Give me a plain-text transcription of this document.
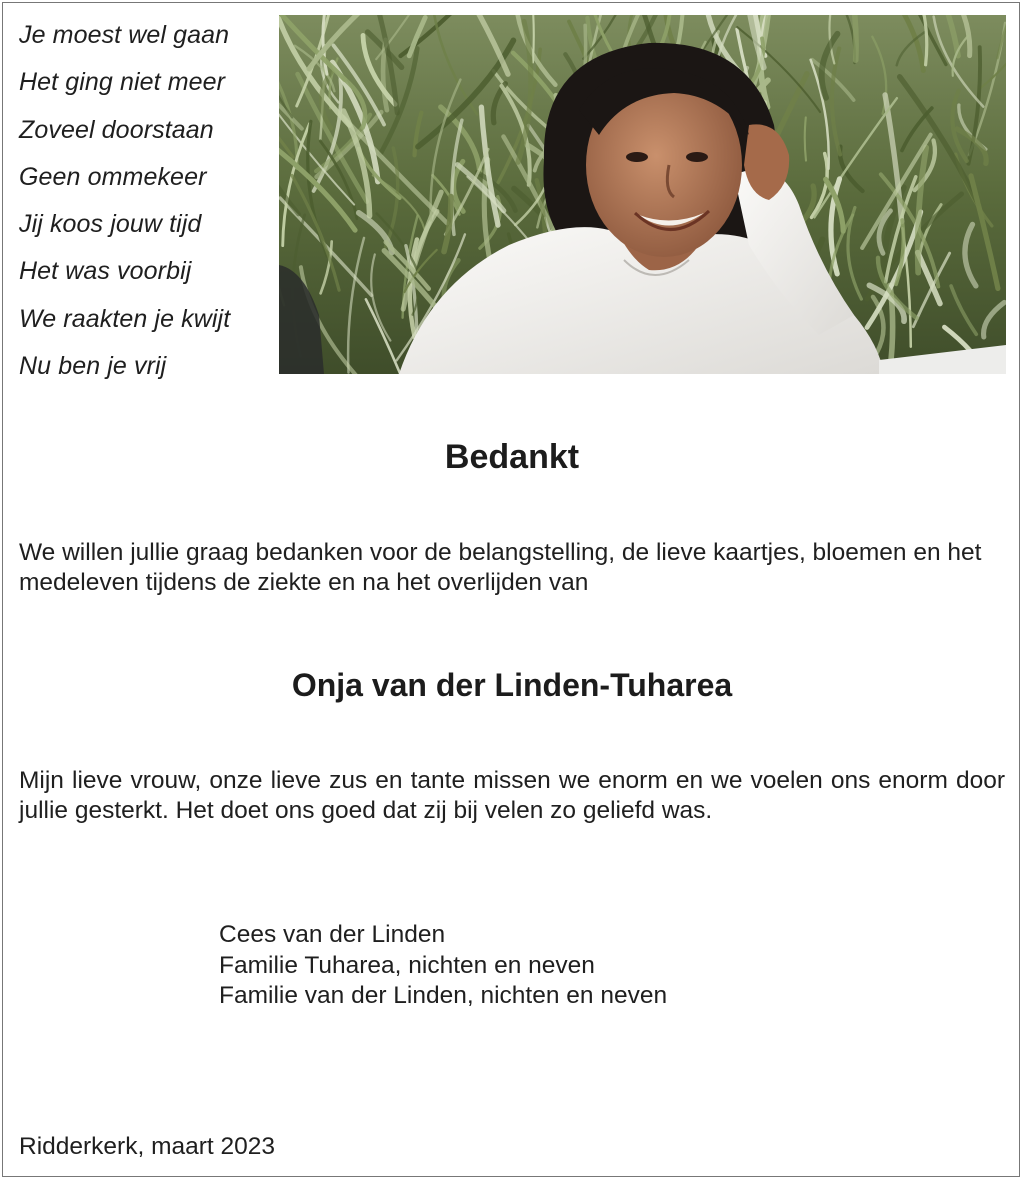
Je moest wel gaan
Het ging niet meer
Zoveel doorstaan
Geen ommekeer
Jij koos jouw tijd
Het was voorbij
We raakten je kwijt
Nu ben je vrij
Bedankt
We willen jullie graag bedanken voor de belangstelling, de lieve kaartjes, bloemen en het medeleven tijdens de ziekte en na het overlijden van
Onja van der Linden-Tuharea
Mijn lieve vrouw, onze lieve zus en tante missen we enorm en we voelen ons enorm door jullie gesterkt. Het doet ons goed dat zij bij velen zo geliefd was.
Cees van der Linden
Familie Tuharea, nichten en neven
Familie van der Linden, nichten en neven
Ridderkerk, maart 2023
